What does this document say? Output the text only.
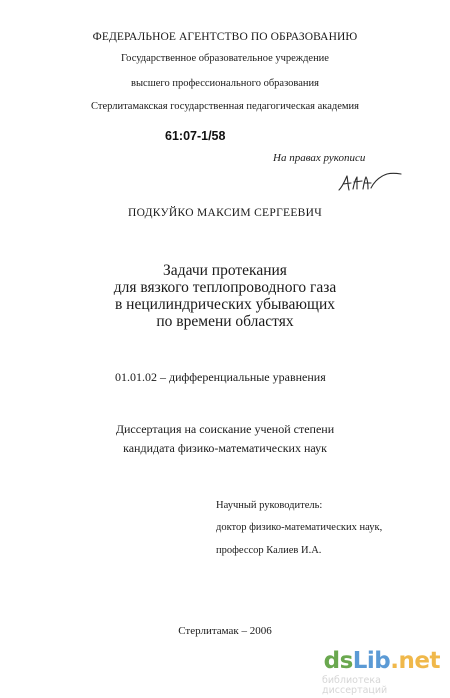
ФЕДЕРАЛЬНОЕ АГЕНТСТВО ПО ОБРАЗОВАНИЮ
Государственное образовательное учреждение
высшего профессионального образования
Стерлитамакская государственная педагогическая академия
61:07-1/58
На правах рукописи
ПОДКУЙКО МАКСИМ СЕРГЕЕВИЧ
Задачи протекания
для вязкого теплопроводного газа
в нецилиндрических убывающих
по времени областях
01.01.02 – дифференциальные уравнения
Диссертация на соискание ученой степени
кандидата физико-математических наук
Научный руководитель:
доктор физико-математических наук,
профессор Калиев И.А.
Стерлитамак – 2006
dsLib.net
библиотека диссертаций
